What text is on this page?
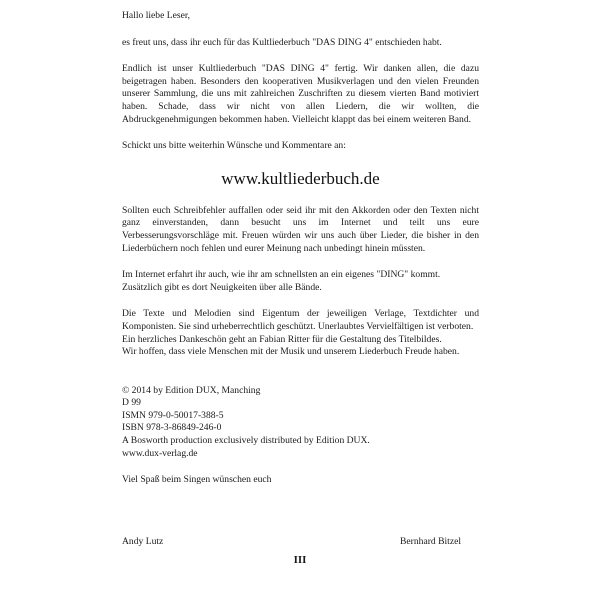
Hallo liebe Leser,

es freut uns, dass ihr euch für das Kultliederbuch "DAS DING 4" entschieden habt.

Endlich ist unser Kultliederbuch "DAS DING 4" fertig. Wir danken allen, die dazu beigetragen haben. Besonders den kooperativen Musikverlagen und den vielen Freunden unserer Sammlung, die uns mit zahlreichen Zuschriften zu diesem vierten Band motiviert haben. Schade, dass wir nicht von allen Liedern, die wir wollten, die Abdruckgenehmigungen bekommen haben. Vielleicht klappt das bei einem weiteren Band.

Schickt uns bitte weiterhin Wünsche und Kommentare an:

www.kultliederbuch.de

Sollten euch Schreibfehler auffallen oder seid ihr mit den Akkorden oder den Texten nicht ganz einverstanden, dann besucht uns im Internet und teilt uns eure Verbesserungsvorschläge mit. Freuen würden wir uns auch über Lieder, die bisher in den Liederbüchern noch fehlen und eurer Meinung nach unbedingt hinein müssten.

Im Internet erfahrt ihr auch, wie ihr am schnellsten an ein eigenes "DING" kommt. Zusätzlich gibt es dort Neuigkeiten über alle Bände.

Die Texte und Melodien sind Eigentum der jeweiligen Verlage, Textdichter und Komponisten. Sie sind urheberrechtlich geschützt. Unerlaubtes Vervielfältigen ist verboten.

Ein herzliches Dankeschön geht an Fabian Ritter für die Gestaltung des Titelbildes.

Wir hoffen, dass viele Menschen mit der Musik und unserem Liederbuch Freude haben.

© 2014 by Edition DUX, Manching
D 99
ISMN 979-0-50017-388-5
ISBN 978-3-86849-246-0
A Bosworth production exclusively distributed by Edition DUX.
www.dux-verlag.de

Viel Spaß beim Singen wünschen euch

Andy Lutz	Bernhard Bitzel
III
